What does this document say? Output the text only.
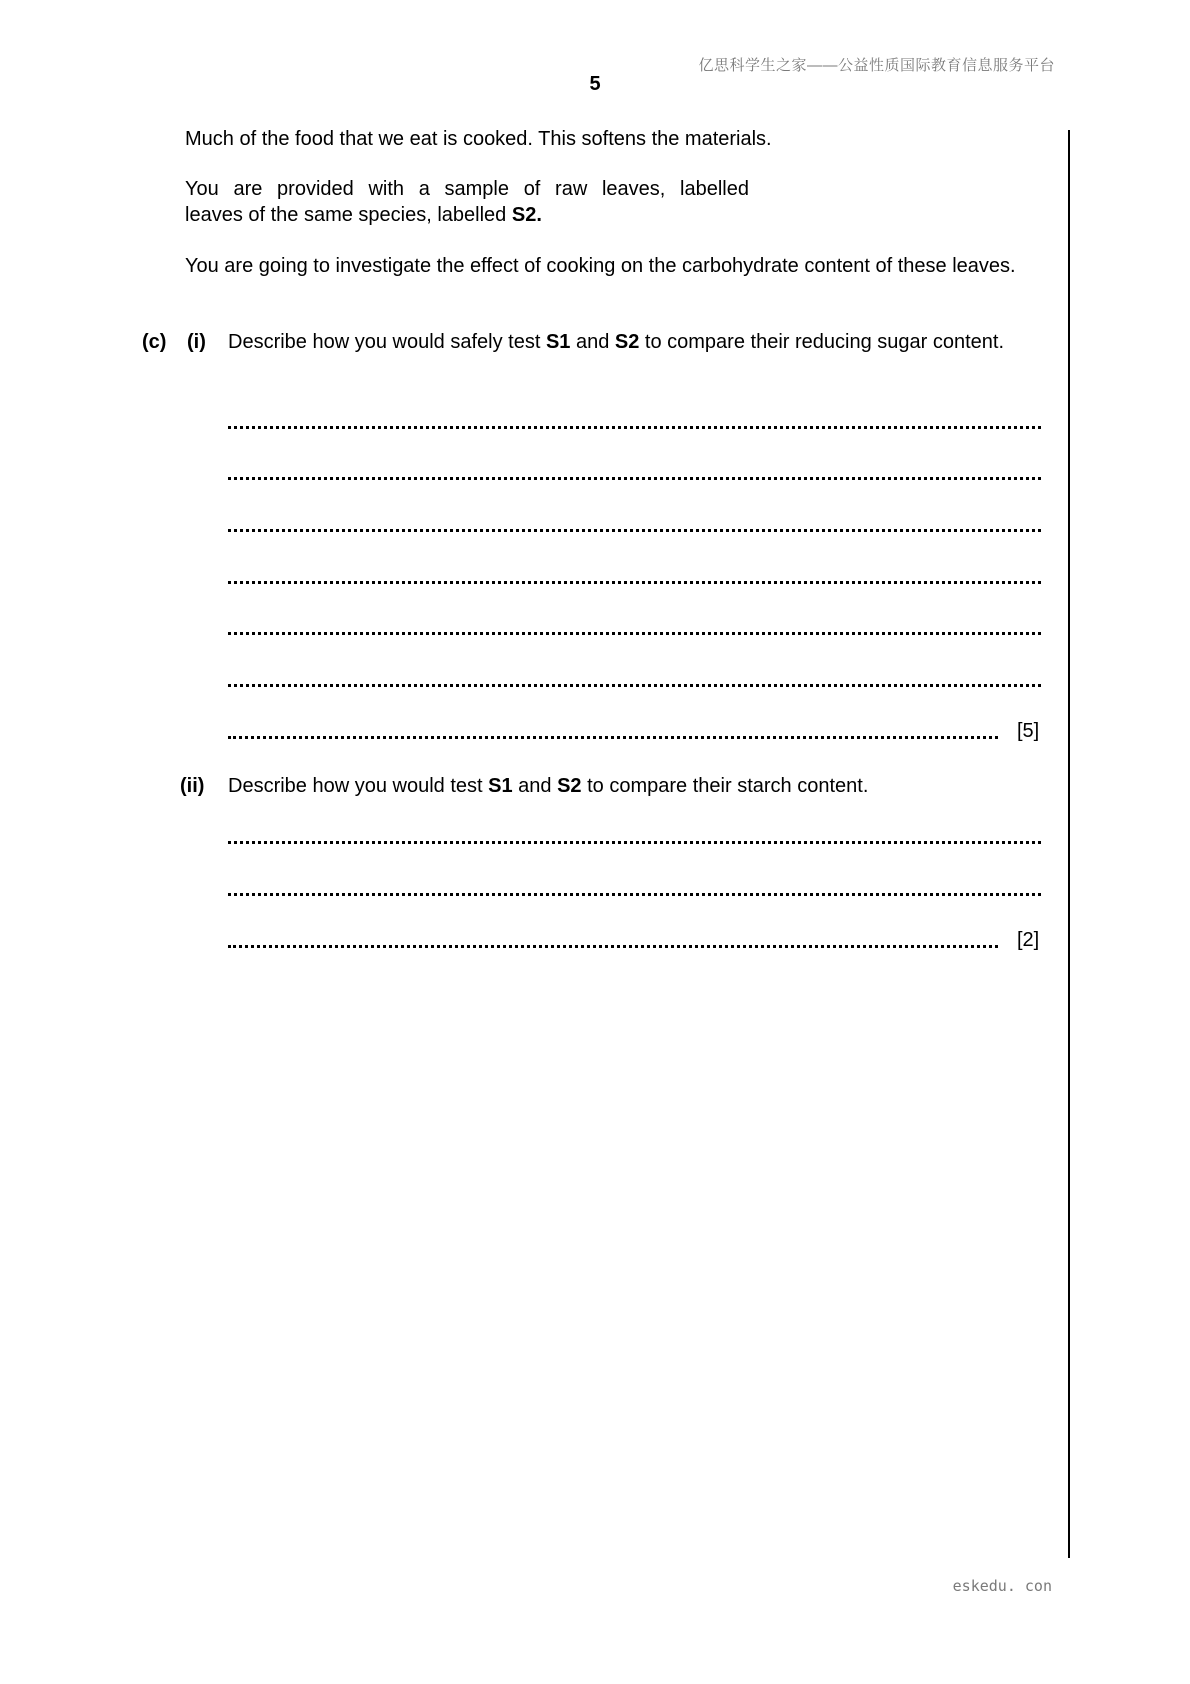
亿思科学生之家——公益性质国际教育信息服务平台
5
Much of the food that we eat is cooked. This softens the materials.
You are provided with a sample of raw leaves, labelled
leaves of the same species, labelled S2.
You are going to investigate the effect of cooking on the carbohydrate content of these leaves.
(c) (i) Describe how you would safely test S1 and S2 to compare their reducing sugar content.
[5]
(ii) Describe how you would test S1 and S2 to compare their starch content.
[2]
eskedu. con
